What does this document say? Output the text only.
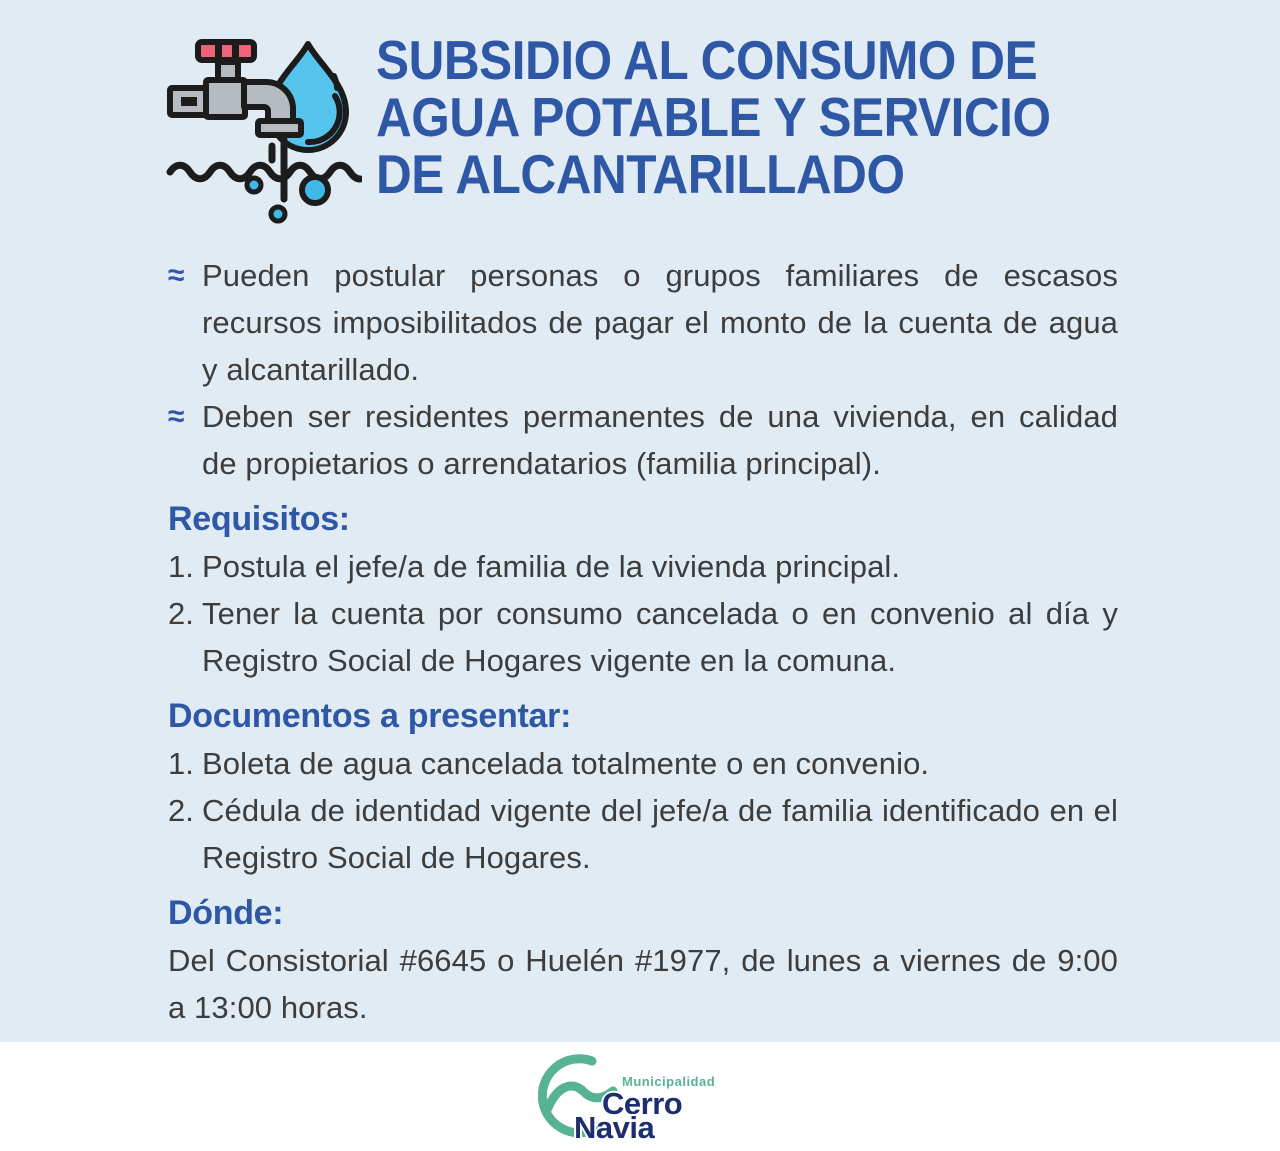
SUBSIDIO AL CONSUMO DE
AGUA POTABLE Y SERVICIO
DE ALCANTARILLADO
≈ Pueden postular personas o grupos familiares de escasos recursos imposibilitados de pagar el monto de la cuenta de agua y alcantarillado.
≈ Deben ser residentes permanentes de una vivienda, en calidad de propietarios o arrendatarios (familia principal).
Requisitos:
1. Postula el jefe/a de familia de la vivienda principal.
2. Tener la cuenta por consumo cancelada o en convenio al día y Registro Social de Hogares vigente en la comuna.
Documentos a presentar:
1. Boleta de agua cancelada totalmente o en convenio.
2. Cédula de identidad vigente del jefe/a de familia identificado en el Registro Social de Hogares.
Dónde:
Del Consistorial #6645 o Huelén #1977, de lunes a viernes de 9:00 a 13:00 horas.
Municipalidad
Cerro
Navia
